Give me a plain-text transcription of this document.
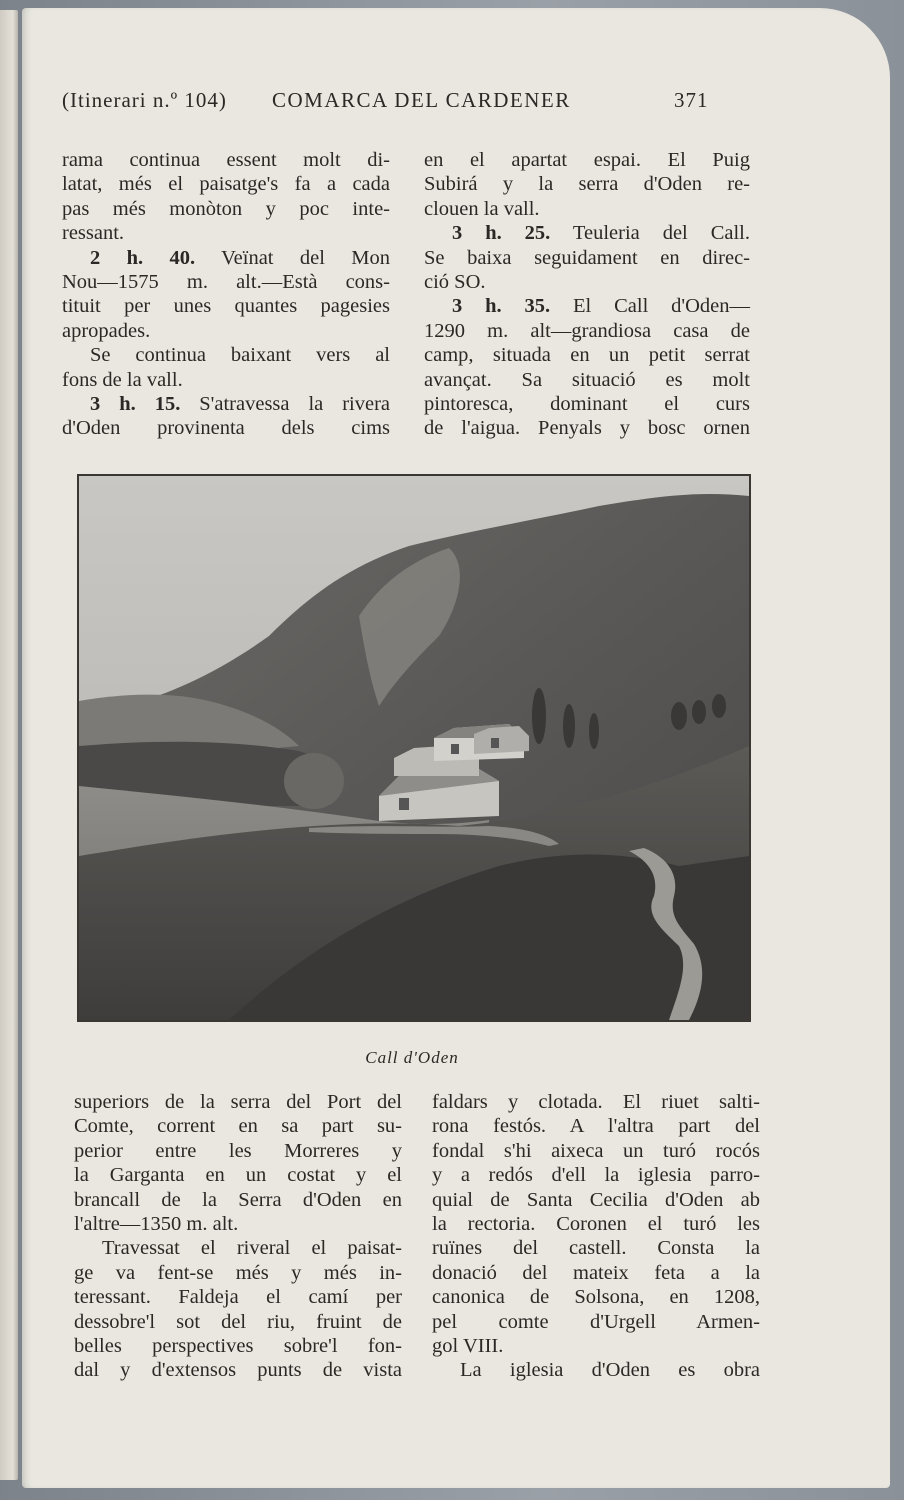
(Itinerari n.º 104) COMARCA DEL CARDENER	371
rama continua essent molt di-
latat, més el paisatge's fa a cada
pas més monòton y poc inte-
ressant.
2 h. 40. Veïnat del Mon
Nou—1575 m. alt.—Està cons-
tituit per unes quantes pagesies
apropades.
Se continua baixant vers al
fons de la vall.
3 h. 15. S'atravessa la rivera
d'Oden provinenta dels cims
en el apartat espai. El Puig
Subirá y la serra d'Oden re-
clouen la vall.
3 h. 25. Teuleria del Call.
Se baixa seguidament en direc-
ció SO.
3 h. 35. El Call d'Oden—
1290 m. alt—grandiosa casa de
camp, situada en un petit serrat
avançat. Sa situació es molt
pintoresca, dominant el curs
de l'aigua. Penyals y bosc ornen
Call d'Oden
superiors de la serra del Port del
Comte, corrent en sa part su-
perior entre les Morreres y
la Garganta en un costat y el
brancall de la Serra d'Oden en
l'altre—1350 m. alt.
Travessat el riveral el paisat-
ge va fent-se més y més in-
teressant. Faldeja el camí per
dessobre'l sot del riu, fruint de
belles perspectives sobre'l fon-
dal y d'extensos punts de vista
faldars y clotada. El riuet salti-
rona festós. A l'altra part del
fondal s'hi aixeca un turó rocós
y a redós d'ell la iglesia parro-
quial de Santa Cecilia d'Oden ab
la rectoria. Coronen el turó les
ruïnes del castell. Consta la
donació del mateix feta a la
canonica de Solsona, en 1208,
pel comte d'Urgell Armen-
gol VIII.
La iglesia d'Oden es obra
